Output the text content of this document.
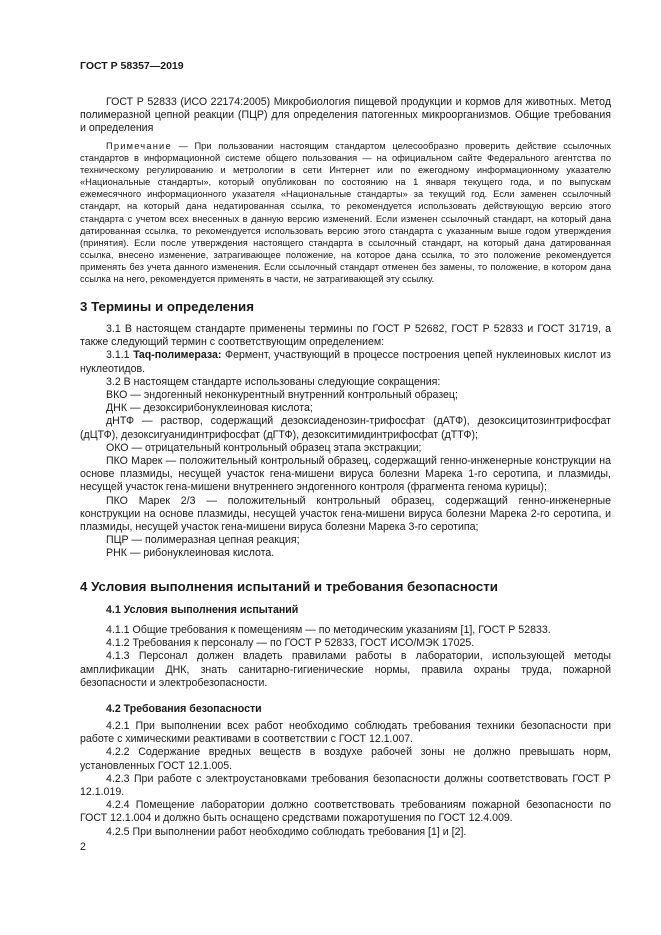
ГОСТ Р 58357—2019

ГОСТ Р 52833 (ИСО 22174:2005) Микробиология пищевой продукции и кормов для животных. Метод полимеразной цепной реакции (ПЦР) для определения патогенных микроорганизмов. Общие требования и определения

Примечание — При пользовании настоящим стандартом целесообразно проверить действие ссылочных стандартов в информационной системе общего пользования — на официальном сайте Федерального агентства по техническому регулированию и метрологии в сети Интернет или по ежегодному информационному указателю «Национальные стандарты», который опубликован по состоянию на 1 января текущего года, и по выпускам ежемесячного информационного указателя «Национальные стандарты» за текущий год. Если заменен ссылочный стандарт, на который дана недатированная ссылка, то рекомендуется использовать действующую версию этого стандарта с учетом всех внесенных в данную версию изменений. Если изменен ссылочный стандарт, на который дана датированная ссылка, то рекомендуется использовать версию этого стандарта с указанным выше годом утверждения (принятия). Если после утверждения настоящего стандарта в ссылочный стандарт, на который дана датированная ссылка, внесено изменение, затрагивающее положение, на которое дана ссылка, то это положение рекомендуется применять без учета данного изменения. Если ссылочный стандарт отменен без замены, то положение, в котором дана ссылка на него, рекомендуется применять в части, не затрагивающей эту ссылку.

3 Термины и определения

3.1 В настоящем стандарте применены термины по ГОСТ Р 52682, ГОСТ Р 52833 и ГОСТ 31719, а также следующий термин с соответствующим определением:

3.1.1 Taq-полимераза: Фермент, участвующий в процессе построения цепей нуклеиновых кислот из нуклеотидов.

3.2 В настоящем стандарте использованы следующие сокращения:

ВКО — эндогенный неконкурентный внутренний контрольный образец;

ДНК — дезоксирибонуклеиновая кислота;

дНТФ — раствор, содержащий дезоксиаденозин-трифосфат (дАТФ), дезоксицитозинтрифосфат (дЦТФ), дезоксигуанидинтрифосфат (дГТФ), дезокситимидинтрифосфат (дТТФ);

ОКО — отрицательный контрольный образец этапа экстракции;

ПКО Марек — положительный контрольный образец, содержащий генно-инженерные конструкции на основе плазмиды, несущей участок гена-мишени вируса болезни Марека 1-го серотипа, и плазмиды, несущей участок гена-мишени внутреннего эндогенного контроля (фрагмента генома курицы);

ПКО Марек 2/3 — положительный контрольный образец, содержащий генно-инженерные конструкции на основе плазмиды, несущей участок гена-мишени вируса болезни Марека 2-го серотипа, и плазмиды, несущей участок гена-мишени вируса болезни Марека 3-го серотипа;

ПЦР — полимеразная цепная реакция;

РНК — рибонуклеиновая кислота.

4 Условия выполнения испытаний и требования безопасности
4.1 Условия выполнения испытаний

4.1.1 Общие требования к помещениям — по методическим указаниям [1], ГОСТ Р 52833.

4.1.2 Требования к персоналу — по ГОСТ Р 52833, ГОСТ ИСО/МЭК 17025.

4.1.3 Персонал должен владеть правилами работы в лаборатории, использующей методы амплификации ДНК, знать санитарно-гигиенические нормы, правила охраны труда, пожарной безопасности и электробезопасности.

4.2 Требования безопасности

4.2.1 При выполнении всех работ необходимо соблюдать требования техники безопасности при работе с химическими реактивами в соответствии с ГОСТ 12.1.007.

4.2.2 Содержание вредных веществ в воздухе рабочей зоны не должно превышать норм, установленных ГОСТ 12.1.005.

4.2.3 При работе с электроустановками требования безопасности должны соответствовать ГОСТ Р 12.1.019.

4.2.4 Помещение лаборатории должно соответствовать требованиям пожарной безопасности по ГОСТ 12.1.004 и должно быть оснащено средствами пожаротушения по ГОСТ 12.4.009.

4.2.5 При выполнении работ необходимо соблюдать требования [1] и [2].

2
